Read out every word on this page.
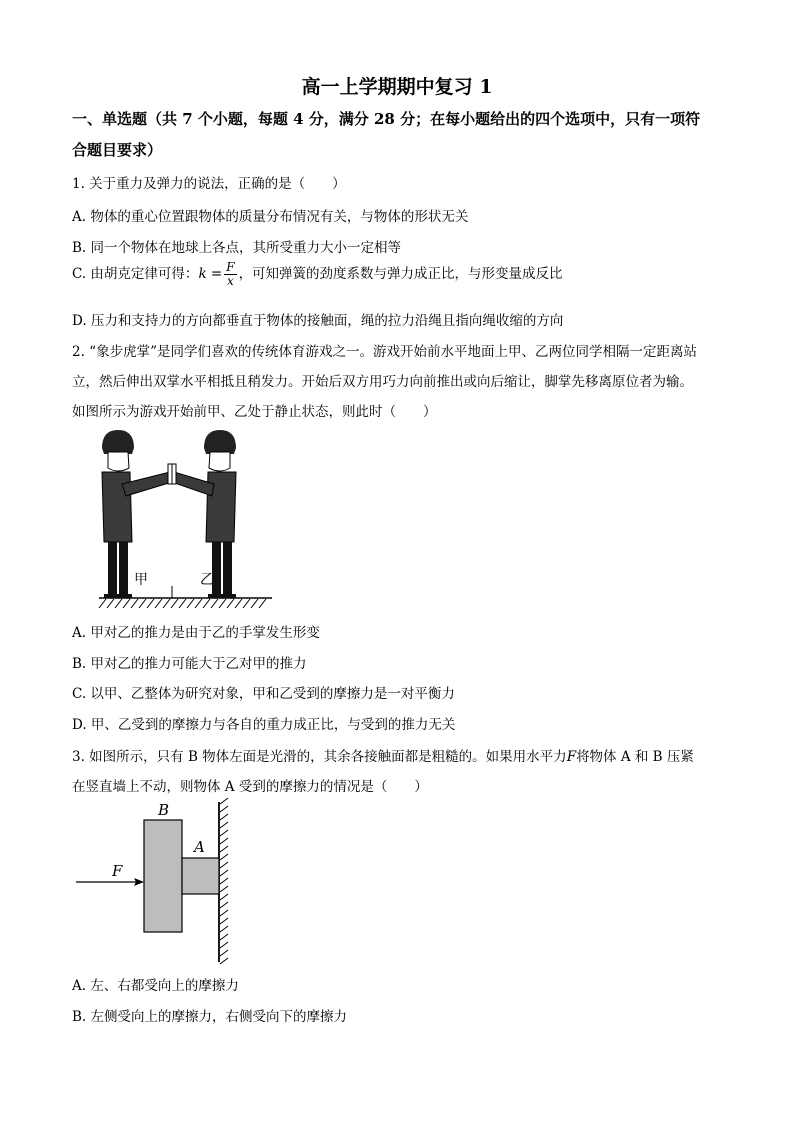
高一上学期期中复习 1
一、单选题（共 7 个小题，每题 4 分，满分 28 分；在每小题给出的四个选项中，只有一项符
合题目要求）
1. 关于重力及弹力的说法，正确的是（　　）
A. 物体的重心位置跟物体的质量分布情况有关，与物体的形状无关
B. 同一个物体在地球上各点，其所受重力大小一定相等
C. 由胡克定律可得：$k = \frac{F}{x}$ ，可知弹簧的劲度系数与弹力成正比，与形变量成反比
D. 压力和支持力的方向都垂直于物体的接触面，绳的拉力沿绳且指向绳收缩的方向
2. “象步虎掌”是同学们喜欢的传统体育游戏之一。游戏开始前水平地面上甲、乙两位同学相隔一定距离站
立，然后伸出双掌水平相抵且稍发力。开始后双方用巧力向前推出或向后缩让，脚掌先移离原位者为输。
如图所示为游戏开始前甲、乙处于静止状态，则此时（　　）
甲	乙
A. 甲对乙的推力是由于乙的手掌发生形变
B. 甲对乙的推力可能大于乙对甲的推力
C. 以甲、乙整体为研究对象，甲和乙受到的摩擦力是一对平衡力
D. 甲、乙受到的摩擦力与各自的重力成正比，与受到的推力无关
3. 如图所示，只有 B 物体左面是光滑的，其余各接触面都是粗糙的。如果用水平力F将物体 A 和 B 压紧
在竖直墙上不动，则物体 A 受到的摩擦力的情况是（　　）
B
A
F
A. 左、右都受向上的摩擦力
B. 左侧受向上的摩擦力，右侧受向下的摩擦力
